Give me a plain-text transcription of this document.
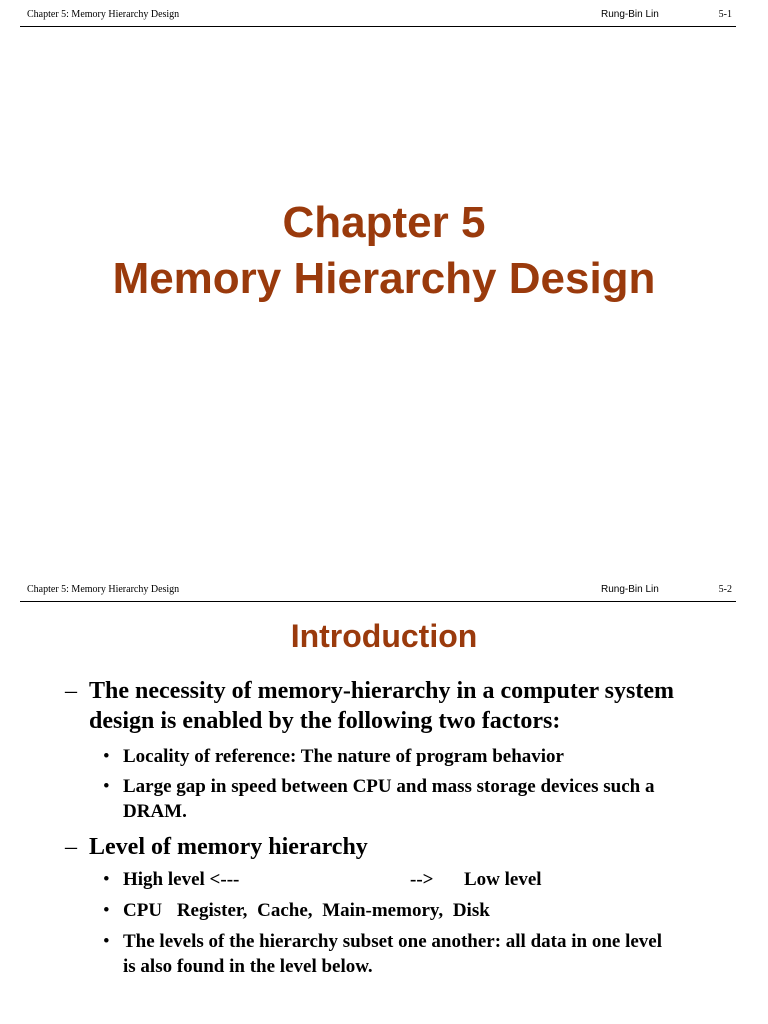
Chapter 5: Memory Hierarchy Design	Rung-Bin Lin	5-1
Chapter 5
Memory Hierarchy Design
Chapter 5: Memory Hierarchy Design	Rung-Bin Lin	5-2
Introduction
– The necessity of memory-hierarchy in a computer system
design is enabled by the following two factors:
• Locality of reference: The nature of program behavior
• Large gap in speed between CPU and mass storage devices such a
DRAM.
– Level of memory hierarchy
• High level <---	--> Low level
• CPU Register, Cache, Main-memory, Disk
• The levels of the hierarchy subset one another: all data in one level
is also found in the level below.
